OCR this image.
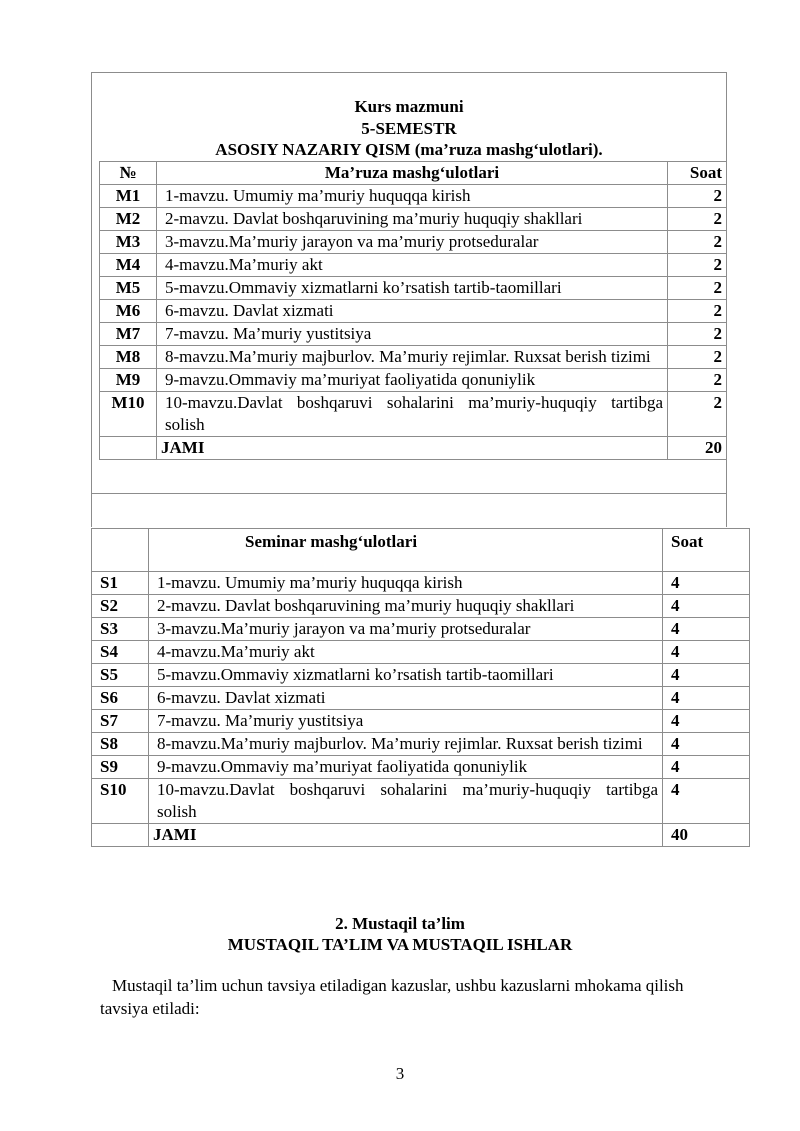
Kurs mazmuni
5-SEMESTR
ASOSIY NAZARIY QISM (ma’ruza mashg‘ulotlari).
№	Ma’ruza mashg‘ulotlari	Soat
M1	1-mavzu. Umumiy ma’muriy huquqqa kirish	2
M2	2-mavzu. Davlat boshqaruvining ma’muriy huquqiy shakllari	2
M3	3-mavzu.Ma’muriy jarayon va ma’muriy protseduralar	2
M4	4-mavzu.Ma’muriy akt	2
M5	5-mavzu.Ommaviy xizmatlarni ko’rsatish tartib-taomillari	2
M6	6-mavzu. Davlat xizmati	2
M7	7-mavzu. Ma’muriy yustitsiya	2
M8	8-mavzu.Ma’muriy majburlov. Ma’muriy rejimlar. Ruxsat berish tizimi	2
M9	9-mavzu.Ommaviy ma’muriyat faoliyatida qonuniylik	2
M10	10-mavzu.Davlat boshqaruvi sohalarini ma’muriy-huquqiy tartibga solish	2
	JAMI	20
	Seminar mashg‘ulotlari	Soat
S1	1-mavzu. Umumiy ma’muriy huquqqa kirish	4
S2	2-mavzu. Davlat boshqaruvining ma’muriy huquqiy shakllari	4
S3	3-mavzu.Ma’muriy jarayon va ma’muriy protseduralar	4
S4	4-mavzu.Ma’muriy akt	4
S5	5-mavzu.Ommaviy xizmatlarni ko’rsatish tartib-taomillari	4
S6	6-mavzu. Davlat xizmati	4
S7	7-mavzu. Ma’muriy yustitsiya	4
S8	8-mavzu.Ma’muriy majburlov. Ma’muriy rejimlar. Ruxsat berish tizimi	4
S9	9-mavzu.Ommaviy ma’muriyat faoliyatida qonuniylik	4
S10	10-mavzu.Davlat boshqaruvi sohalarini ma’muriy-huquqiy tartibga solish	4
	JAMI	40
2. Mustaqil ta’lim
MUSTAQIL TA’LIM VA MUSTAQIL ISHLAR
Mustaqil ta’lim uchun tavsiya etiladigan kazuslar, ushbu kazuslarni mhokama qilish tavsiya etiladi:
3
